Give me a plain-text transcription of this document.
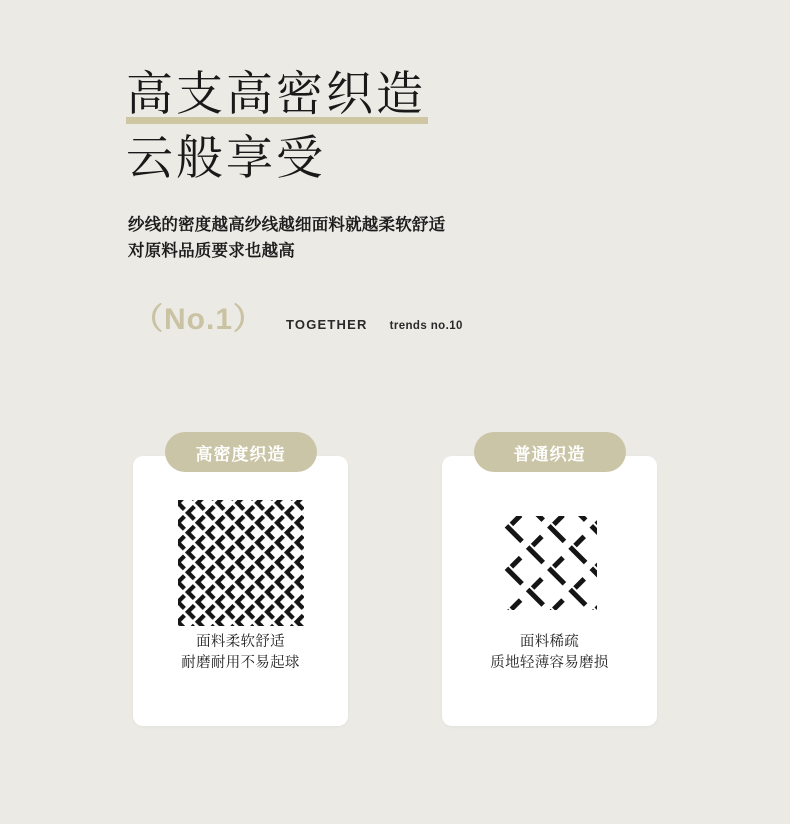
高支高密织造
云般享受
纱线的密度越高纱线越细面料就越柔软舒适
对原料品质要求也越高
（No.1） TOGETHER trends no.10
高密度织造
面料柔软舒适
耐磨耐用不易起球
普通织造
面料稀疏
质地轻薄容易磨损
